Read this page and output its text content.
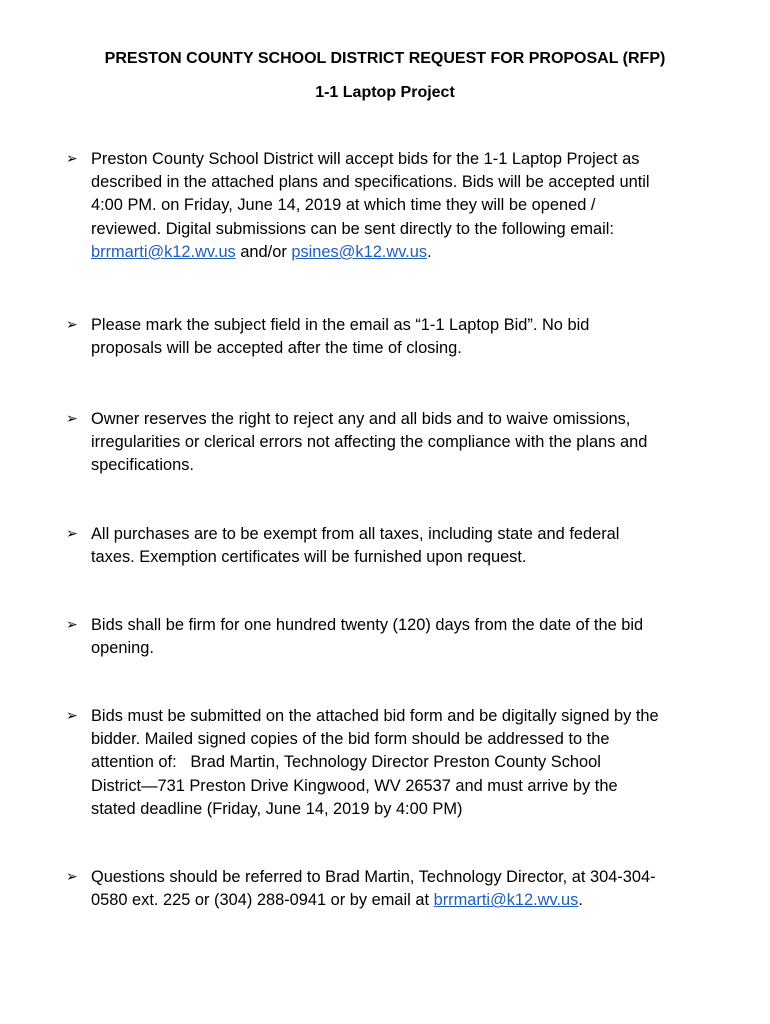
PRESTON COUNTY SCHOOL DISTRICT REQUEST FOR PROPOSAL (RFP)
1-1 Laptop Project
➢ Preston County School District will accept bids for the 1-1 Laptop Project as
described in the attached plans and specifications. Bids will be accepted until
4:00 PM. on Friday, June 14, 2019 at which time they will be opened /
reviewed. Digital submissions can be sent directly to the following email:
brrmarti@k12.wv.us and/or psines@k12.wv.us.
➢ Please mark the subject field in the email as “1-1 Laptop Bid”. No bid
proposals will be accepted after the time of closing.
➢ Owner reserves the right to reject any and all bids and to waive omissions,
irregularities or clerical errors not affecting the compliance with the plans and
specifications.
➢ All purchases are to be exempt from all taxes, including state and federal
taxes. Exemption certificates will be furnished upon request.
➢ Bids shall be firm for one hundred twenty (120) days from the date of the bid
opening.
➢ Bids must be submitted on the attached bid form and be digitally signed by the
bidder. Mailed signed copies of the bid form should be addressed to the
attention of:   Brad Martin, Technology Director Preston County School
District—731 Preston Drive Kingwood, WV 26537 and must arrive by the
stated deadline (Friday, June 14, 2019 by 4:00 PM)
➢ Questions should be referred to Brad Martin, Technology Director, at 304-304-
0580 ext. 225 or (304) 288-0941 or by email at brrmarti@k12.wv.us.
